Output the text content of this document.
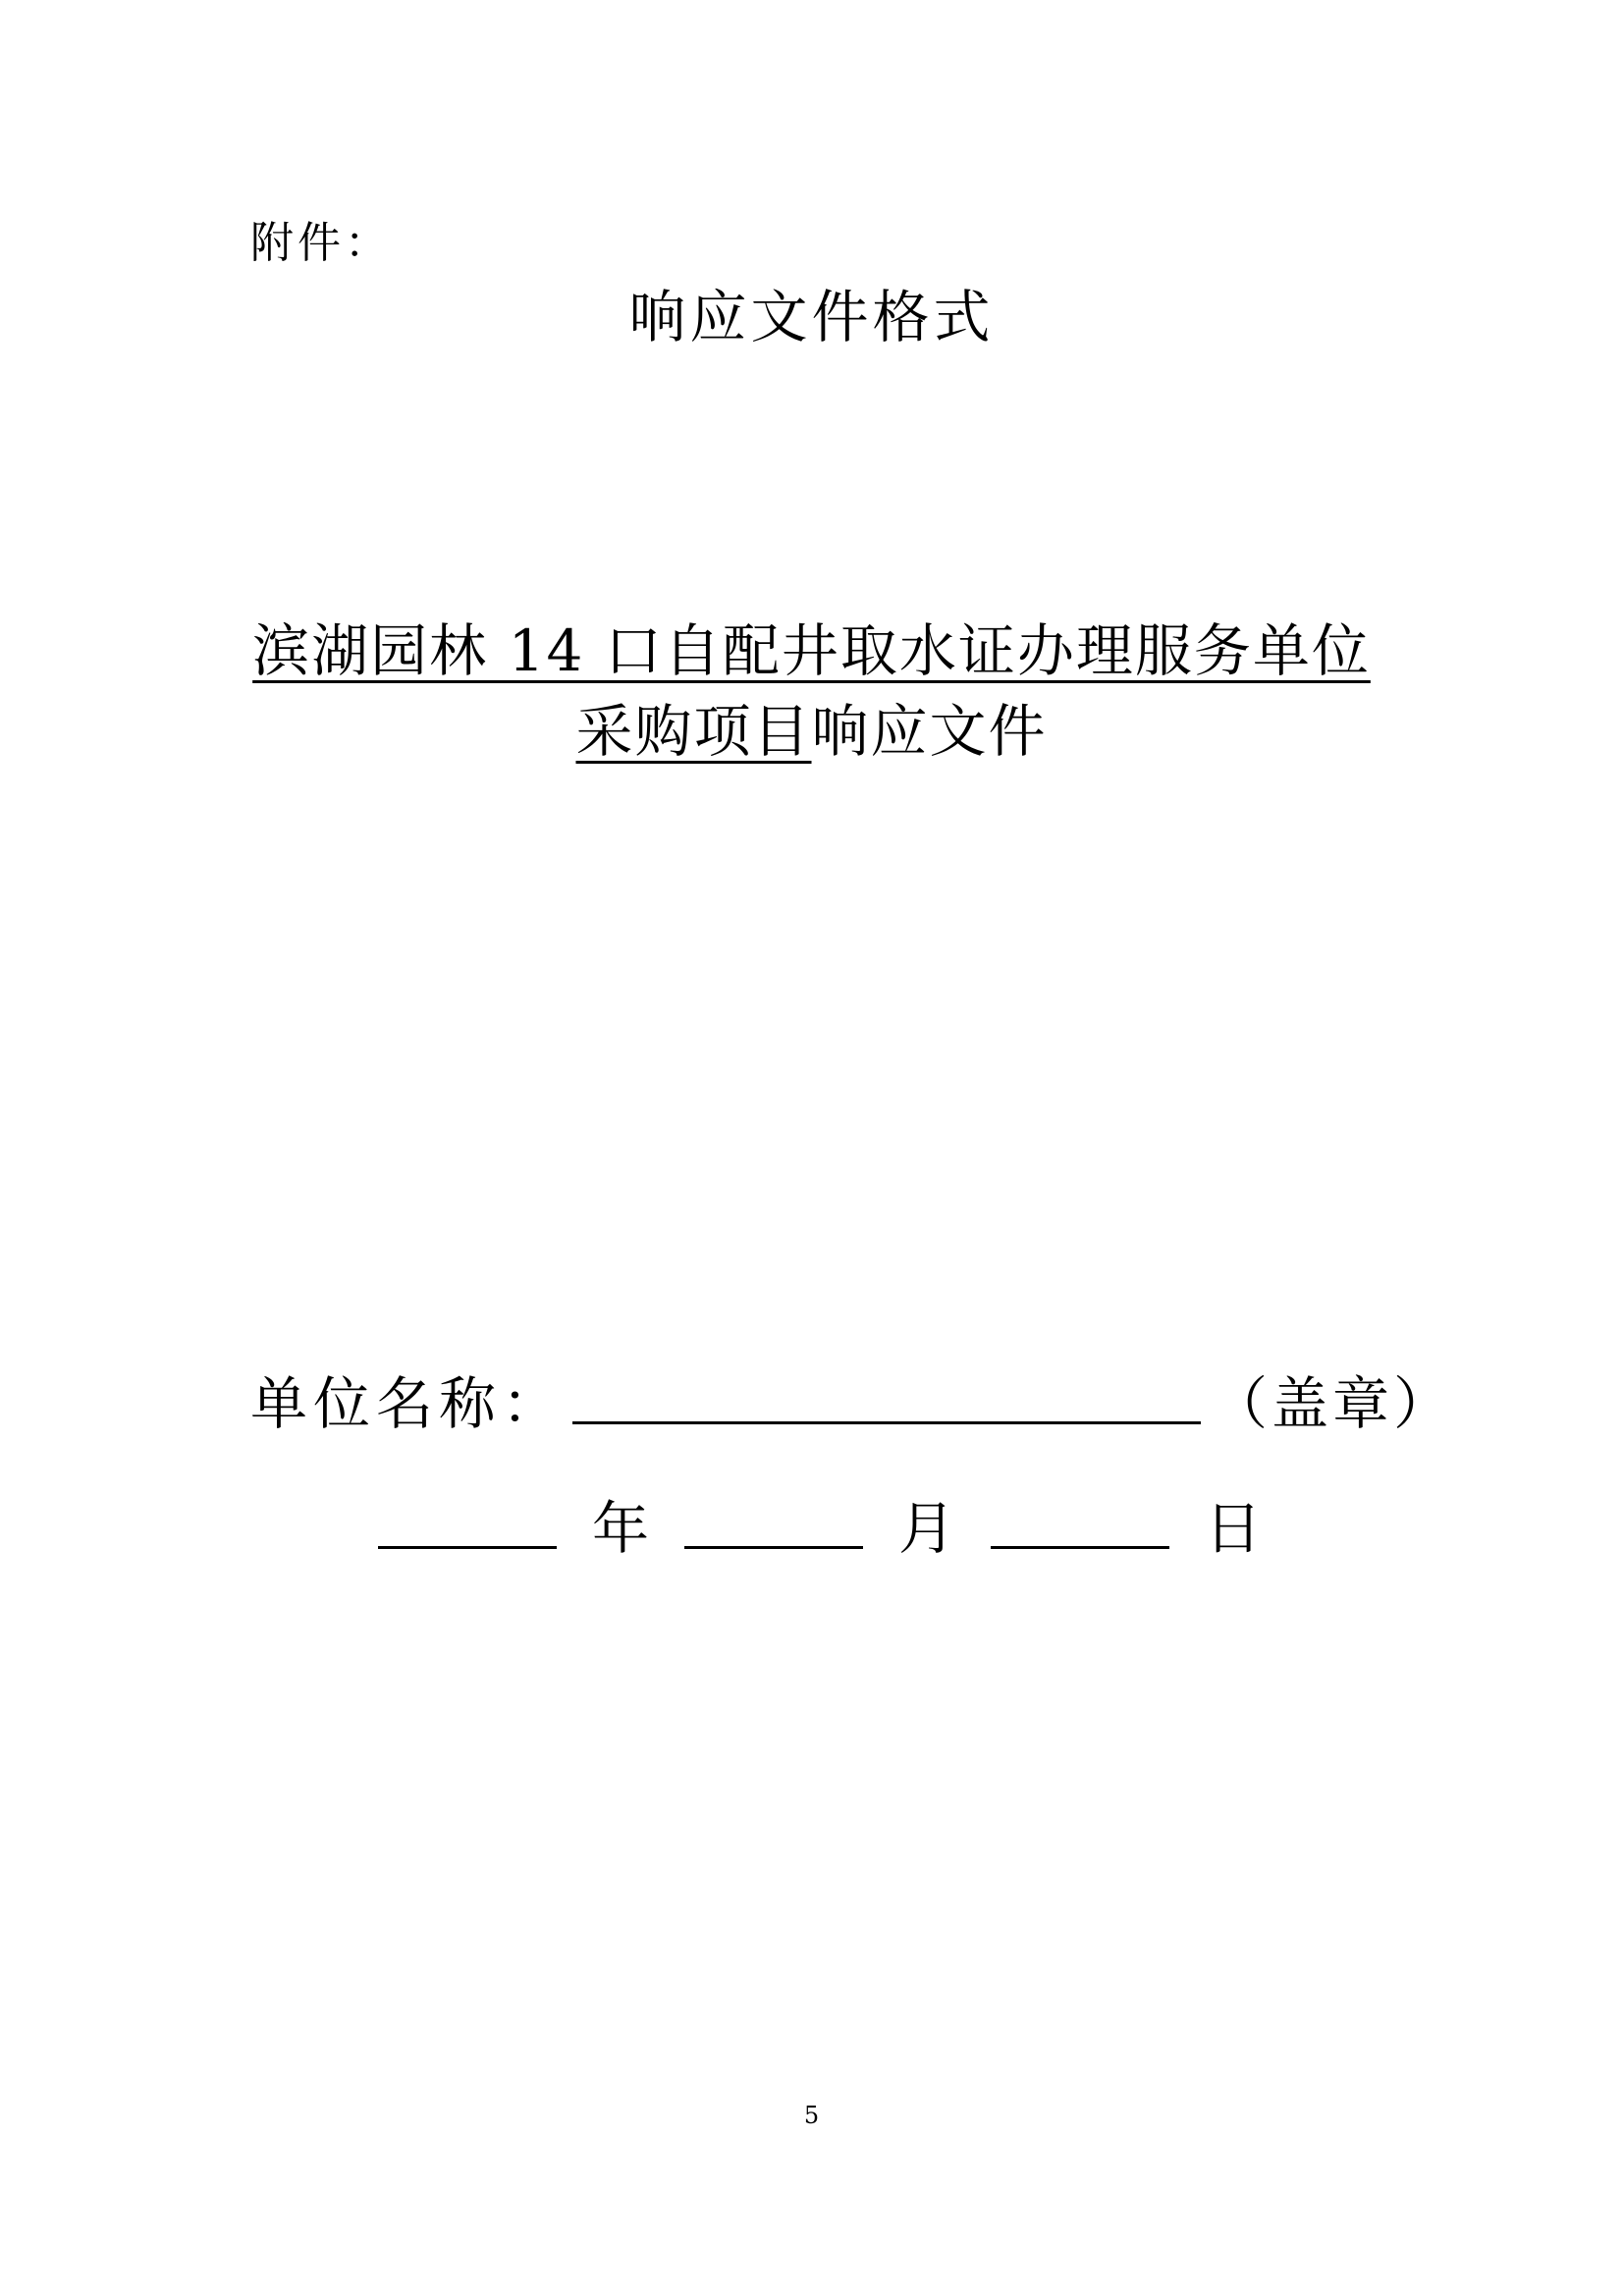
附件：
响应文件格式
滨湖园林 14 口自配井取水证办理服务单位
采购项目响应文件
单位名称：	（盖章）
年	月	日
5
